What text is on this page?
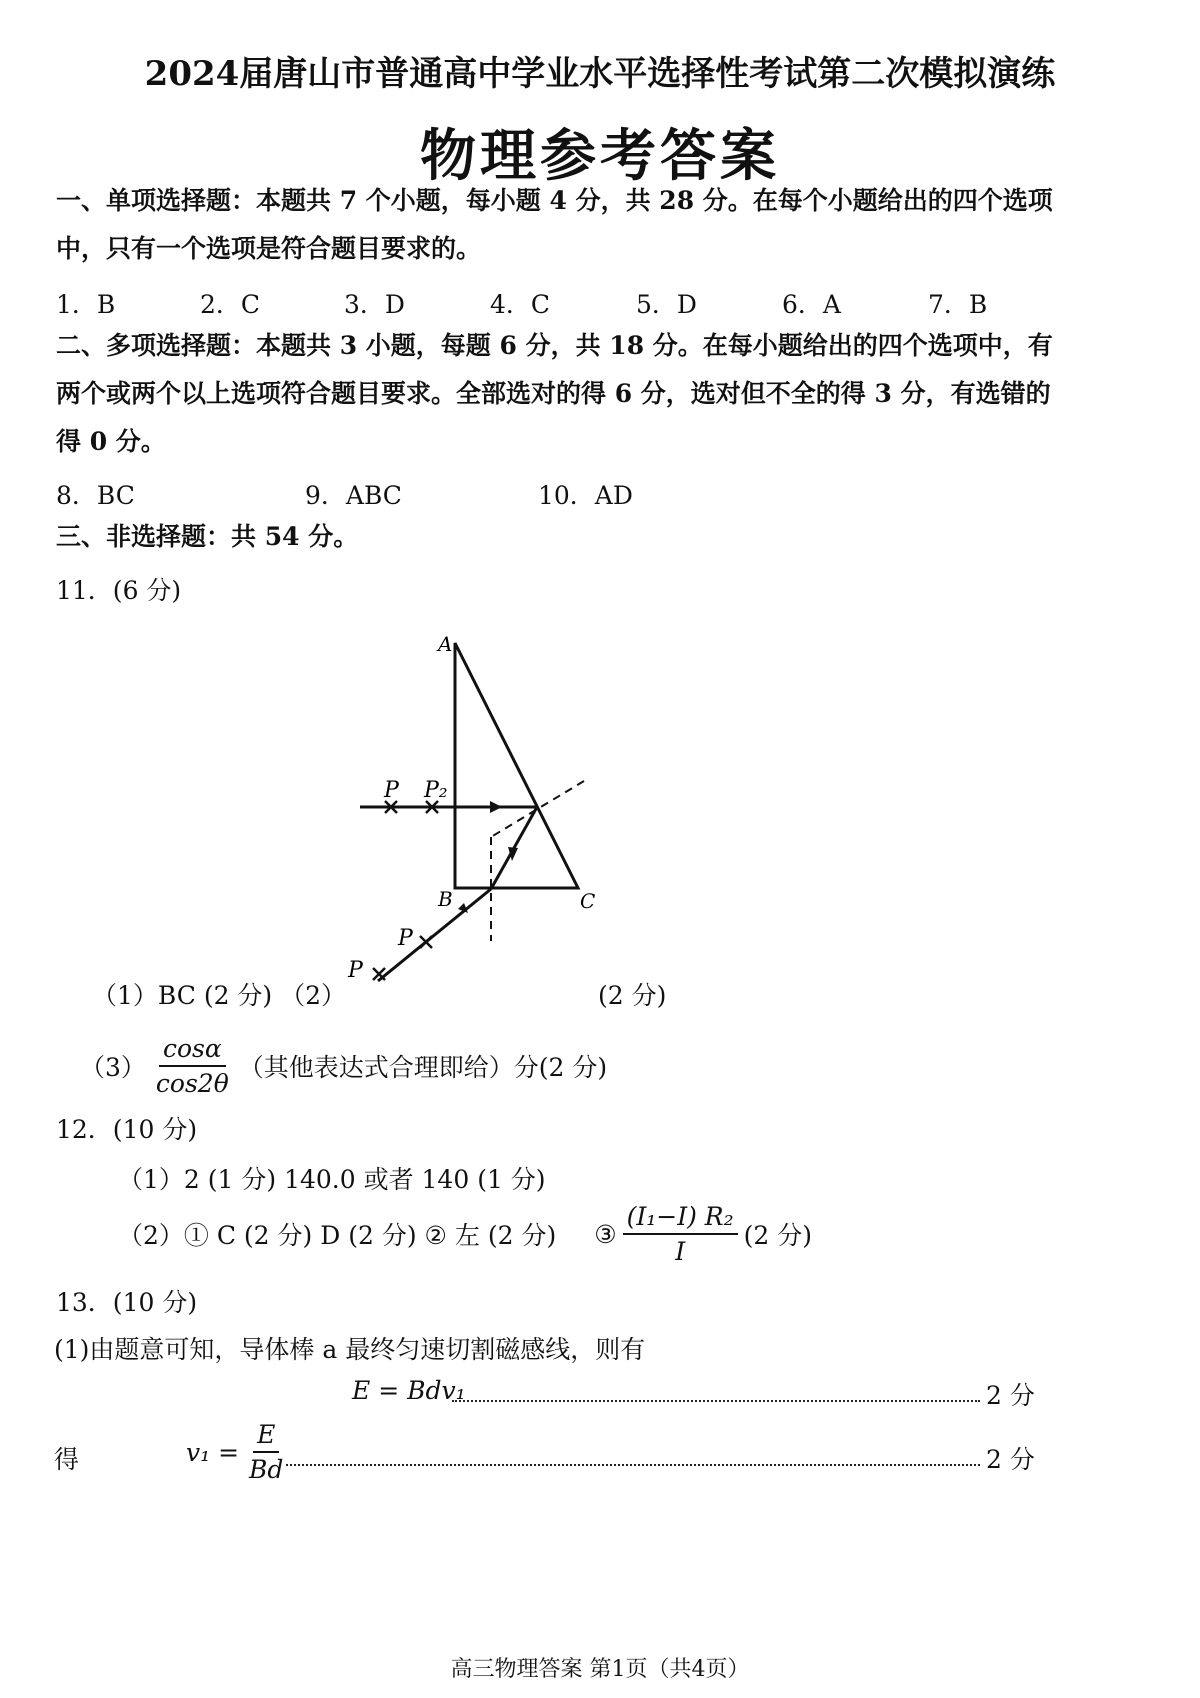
2024届唐山市普通高中学业水平选择性考试第二次模拟演练
物理参考答案
一、单项选择题：本题共 7 个小题，每小题 4 分，共 28 分。在每个小题给出的四个选项
中，只有一个选项是符合题目要求的。
1．B	2．C	3．D	4．C	5．D	6．A	7．B
二、多项选择题：本题共 3 小题，每题 6 分，共 18 分。在每小题给出的四个选项中，有
两个或两个以上选项符合题目要求。全部选对的得 6 分，选对但不全的得 3 分，有选错的
得 0 分。
8．BC	9．ABC	10．AD
三、非选择题：共 54 分。
11．(6 分)
A
B	C
P P₂
P
P
（1）BC (2 分) （2）	(2 分)
$(3) \frac{\cos\alpha}{\cos 2\theta}$ （其他表达式合理即给）分(2 分)
12．(10 分)
（1）2 (1 分) 140.0 或者 140 (1 分)
（2）① C (2 分) D (2 分) ② 左 (2 分) ③ $\frac{\text{(I₁−I) R₂}}{I} (2$ 分)
13．(10 分)
(1)由题意可知，导体棒 a 最终匀速切割磁感线，则有
E = Bdv₁	2 分
得	$v_1 = \frac{E}{Bd}$	2 分
高三物理答案 第1页（共4页）
